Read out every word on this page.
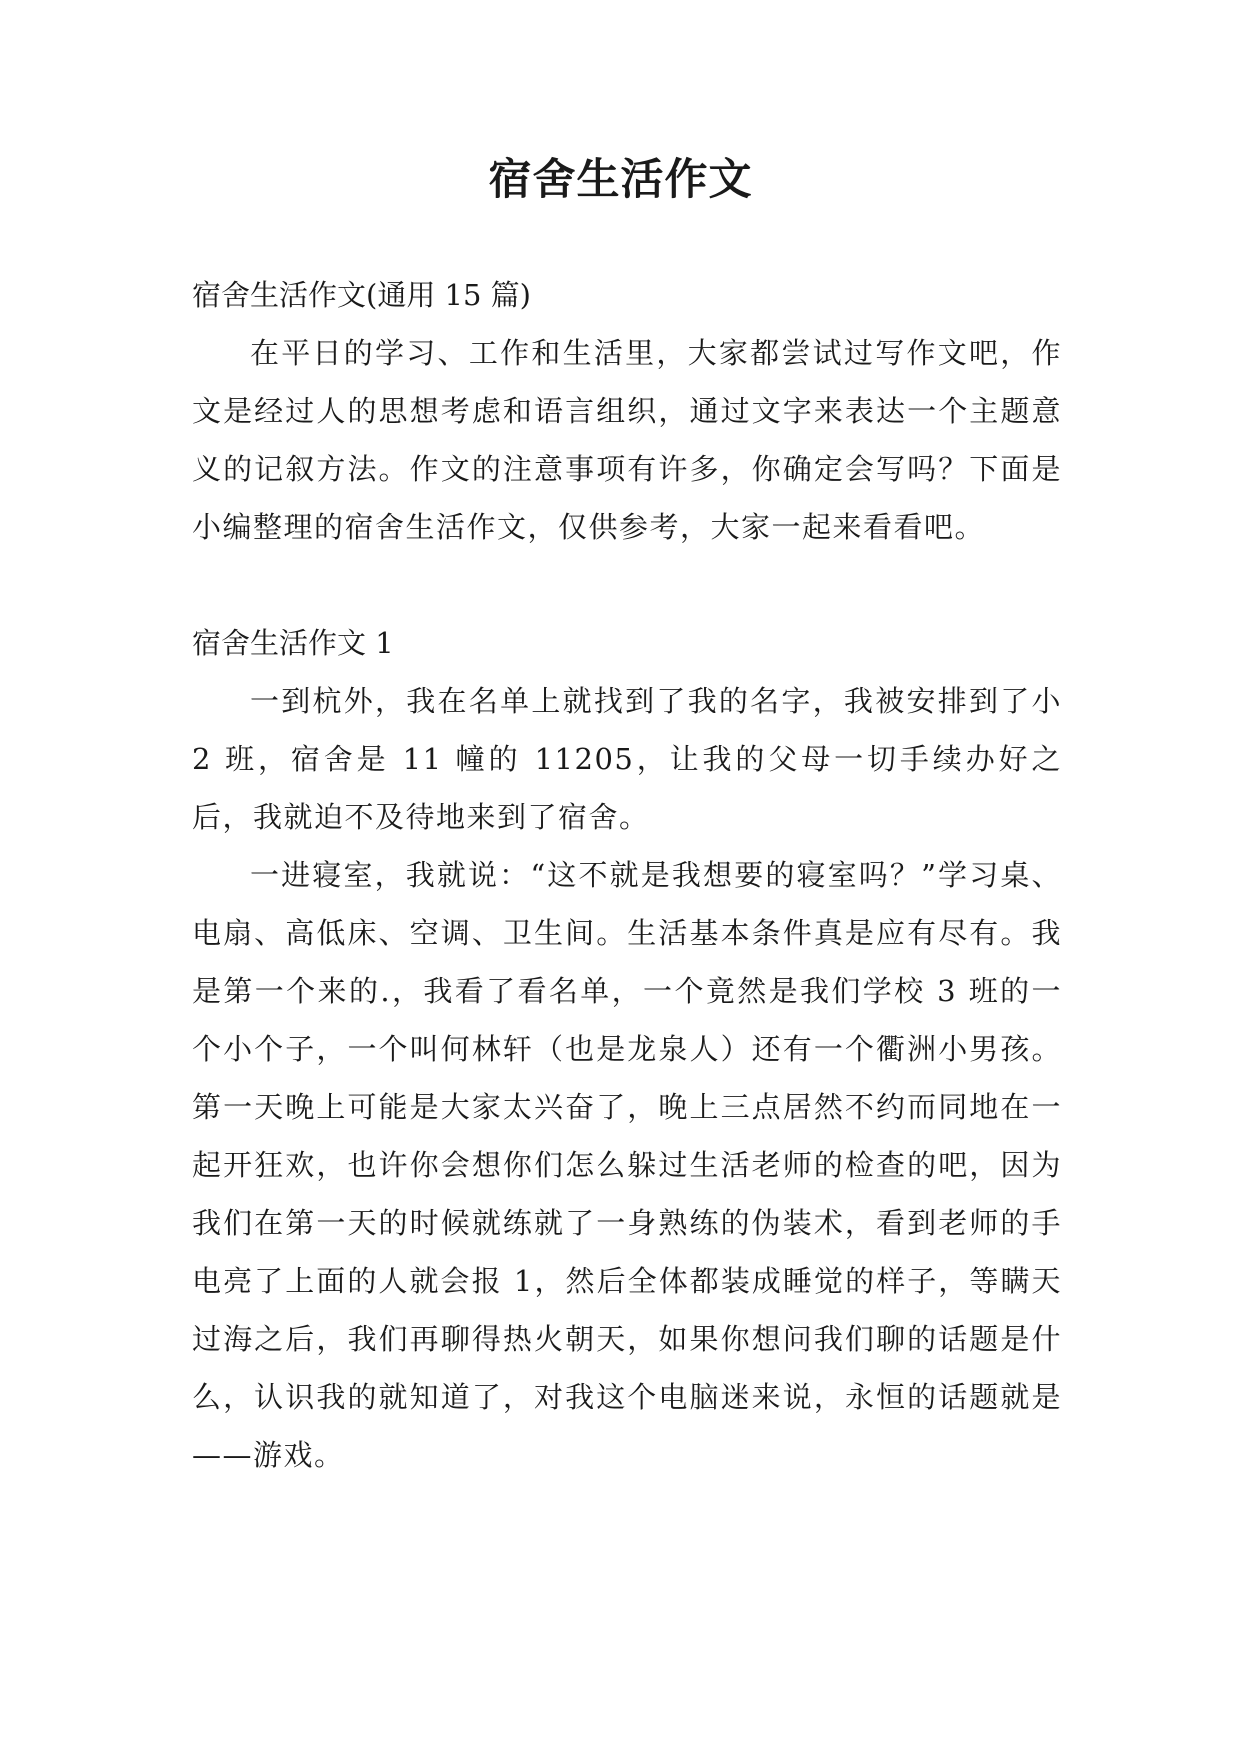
宿舍生活作文

宿舍生活作文(通用 15 篇)

在平日的学习、工作和生活里，大家都尝试过写作文吧，作文是经过人的思想考虑和语言组织，通过文字来表达一个主题意义的记叙方法。作文的注意事项有许多，你确定会写吗？下面是小编整理的宿舍生活作文，仅供参考，大家一起来看看吧。

宿舍生活作文 1

一到杭外，我在名单上就找到了我的名字，我被安排到了小 2 班，宿舍是 11 幢的 11205，让我的父母一切手续办好之后，我就迫不及待地来到了宿舍。

一进寝室，我就说：“这不就是我想要的寝室吗？”学习桌、电扇、高低床、空调、卫生间。生活基本条件真是应有尽有。我是第一个来的.，我看了看名单，一个竟然是我们学校 3 班的一个小个子，一个叫何林轩（也是龙泉人）还有一个衢洲小男孩。第一天晚上可能是大家太兴奋了，晚上三点居然不约而同地在一起开狂欢，也许你会想你们怎么躲过生活老师的检查的吧，因为我们在第一天的时候就练就了一身熟练的伪装术，看到老师的手电亮了上面的人就会报 1，然后全体都装成睡觉的样子，等瞒天过海之后，我们再聊得热火朝天，如果你想问我们聊的话题是什么，认识我的就知道了，对我这个电脑迷来说，永恒的话题就是——游戏。
